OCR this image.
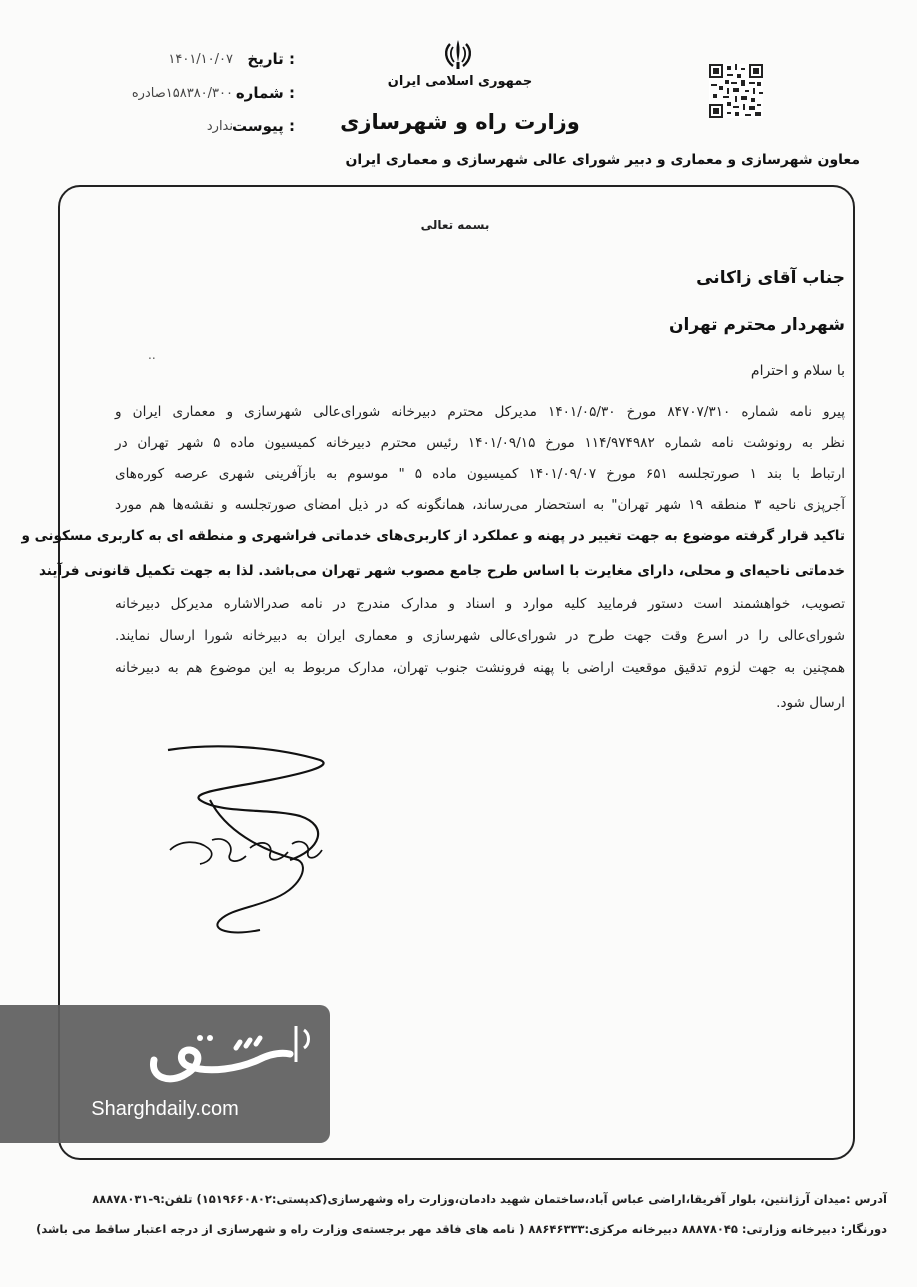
تاریخ :
۱۴۰۱/۱۰/۰۷
شماره :
۱۵۸۳۸۰/۳۰۰صادره
پیوست :
ندارد
جمهوری اسلامی ایران
وزارت راه و شهرسازی
معاون شهرسازی و معماری و دبیر شورای عالی شهرسازی و معماری ایران
بسمه تعالی
جناب آقای زاکانی
شهردار محترم تهران
..
با سلام و احترام
پیرو نامه شماره ۸۴۷۰۷/۳۱۰ مورخ ۱۴۰۱/۰۵/۳۰ مدیرکل محترم دبیرخانه شورای‌عالی شهرسازی و معماری ایران و
نظر به رونوشت نامه شماره ۱۱۴/۹۷۴۹۸۲ مورخ ۱۴۰۱/۰۹/۱۵ رئیس محترم دبیرخانه کمیسیون ماده ۵ شهر تهران در
ارتباط با بند ۱ صورتجلسه ۶۵۱ مورخ ۱۴۰۱/۰۹/۰۷ کمیسیون ماده ۵ " موسوم به بازآفرینی شهری عرصه کوره‌های
آجرپزی ناحیه ۳ منطقه ۱۹ شهر تهران" به استحضار می‌رساند، همانگونه که در ذیل امضای صورتجلسه و نقشه‌ها هم مورد
تاکید قرار گرفته موضوع به جهت تغییر در پهنه و عملکرد از کاربری‌های خدماتی فراشهری و منطقه ای به کاربری مسکونی و
خدماتی ناحیه‌ای و محلی، دارای مغایرت با اساس طرح جامع مصوب شهر تهران می‌باشد. لذا به جهت تکمیل قانونی فرآیند
تصویب، خواهشمند است دستور فرمایید کلیه موارد و اسناد و مدارک مندرج در نامه صدرالاشاره مدیرکل دبیرخانه
شورای‌عالی را در اسرع وقت جهت طرح در شورای‌عالی شهرسازی و معماری ایران به دبیرخانه شورا ارسال نمایند.
همچنین به جهت لزوم تدقیق موقعیت اراضی با پهنه فرونشت جنوب تهران، مدارک مربوط به این موضوع هم به دبیرخانه
ارسال شود.
Sharghdaily.com
آدرس :میدان آرژانتین، بلوار آفریقا،اراضی عباس آباد،ساختمان شهید دادمان،وزارت راه وشهرسازی(کدپستی:۱۵۱۹۶۶۰۸۰۲) تلفن:۹-۸۸۸۷۸۰۳۱
دورنگار: دبیرخانه وزارتی: ۸۸۸۷۸۰۴۵ دبیرخانه مرکزی:۸۸۶۴۶۳۳۳ ( نامه های فاقد مهر برجسته‌ی وزارت راه و شهرسازی از درجه اعتبار ساقط می باشد)
